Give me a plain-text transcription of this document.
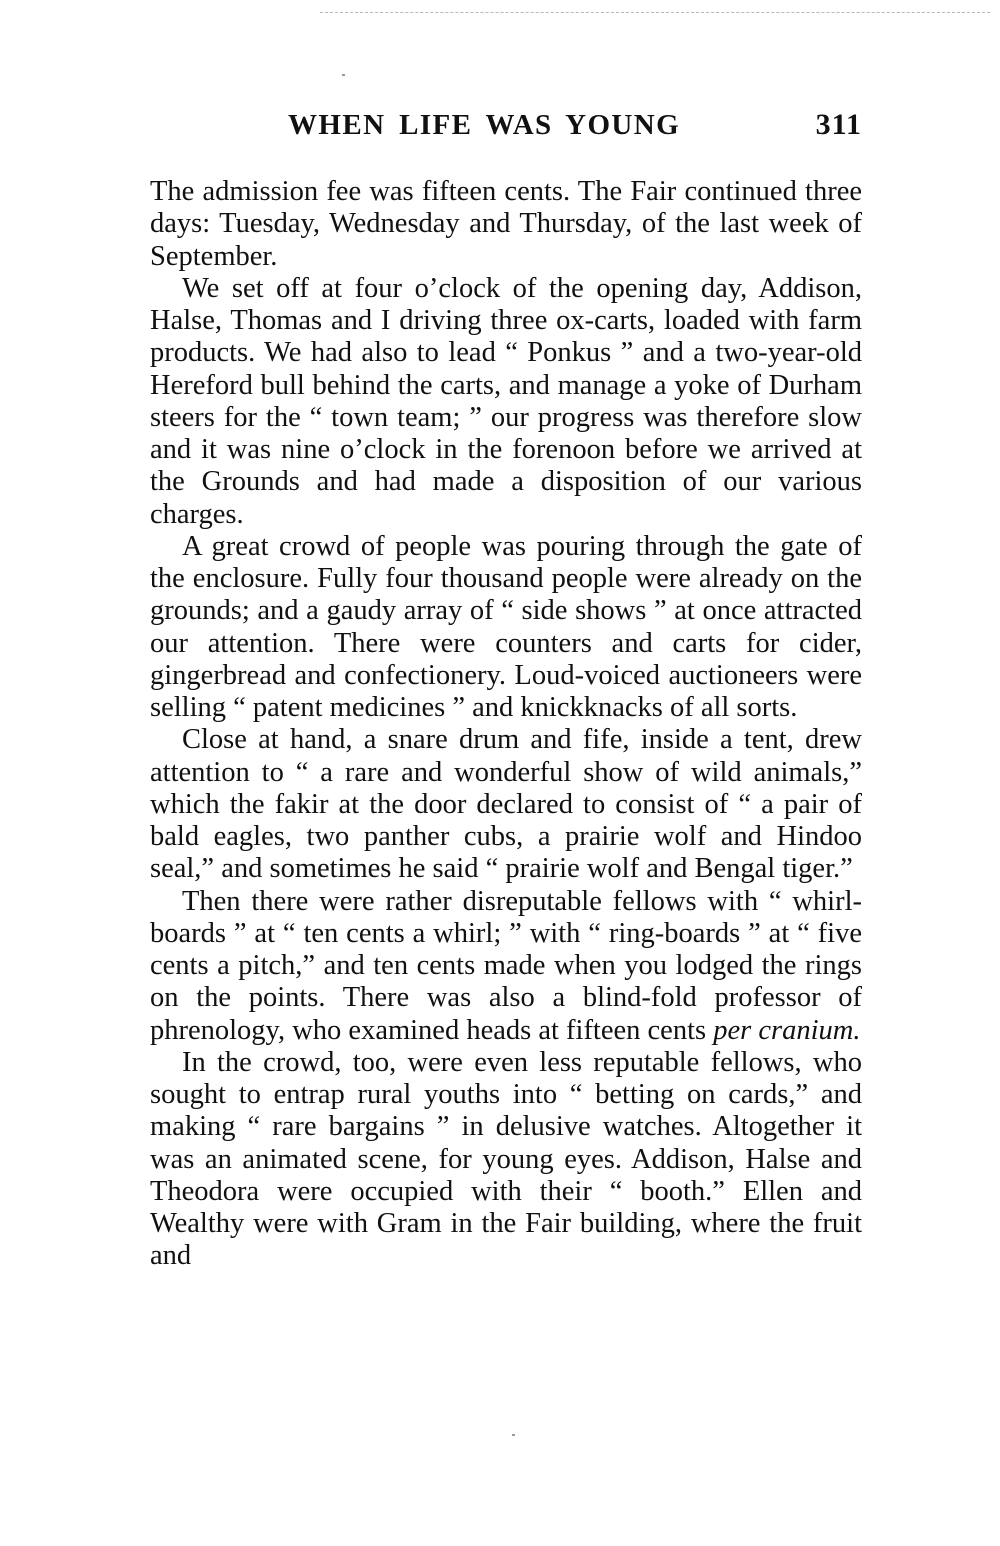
WHEN LIFE WAS YOUNG	311

The admission fee was fifteen cents. The Fair continued three days: Tuesday, Wednesday and Thursday, of the last week of September.

We set off at four o’clock of the opening day, Addison, Halse, Thomas and I driving three ox-carts, loaded with farm products. We had also to lead “ Ponkus ” and a two-year-old Hereford bull behind the carts, and manage a yoke of Durham steers for the “ town team; ” our progress was therefore slow and it was nine o’clock in the forenoon before we arrived at the Grounds and had made a disposition of our various charges.

A great crowd of people was pouring through the gate of the enclosure. Fully four thousand people were already on the grounds; and a gaudy array of “ side shows ” at once attracted our attention. There were counters and carts for cider, gingerbread and confectionery. Loud-voiced auctioneers were selling “ patent medicines ” and knickknacks of all sorts.

Close at hand, a snare drum and fife, inside a tent, drew attention to “ a rare and wonderful show of wild animals,” which the fakir at the door declared to consist of “ a pair of bald eagles, two panther cubs, a prairie wolf and Hindoo seal,” and sometimes he said “ prairie wolf and Bengal tiger.”

Then there were rather disreputable fellows with “ whirl-boards ” at “ ten cents a whirl; ” with “ ring-boards ” at “ five cents a pitch,” and ten cents made when you lodged the rings on the points. There was also a blind-fold professor of phrenology, who examined heads at fifteen cents per cranium.

In the crowd, too, were even less reputable fellows, who sought to entrap rural youths into “ betting on cards,” and making “ rare bargains ” in delusive watches. Altogether it was an animated scene, for young eyes. Addison, Halse and Theodora were occupied with their “ booth.” Ellen and Wealthy were with Gram in the Fair building, where the fruit and
